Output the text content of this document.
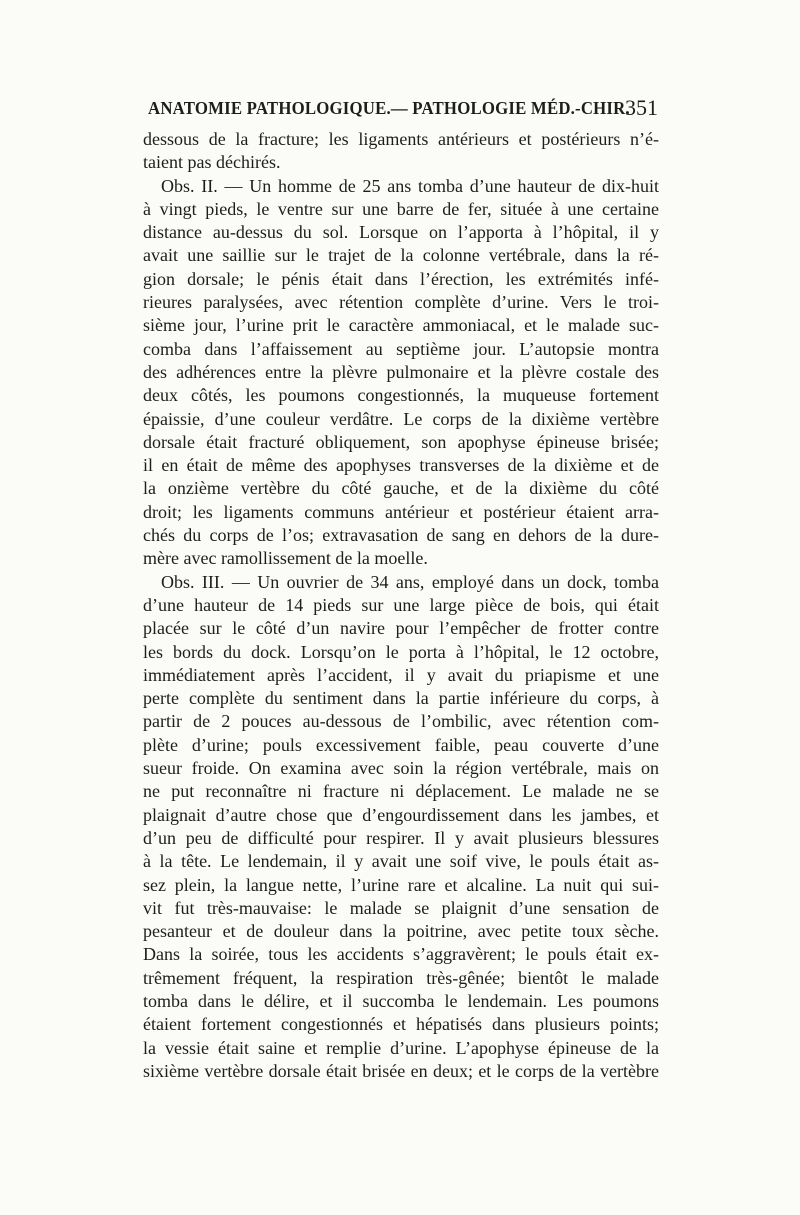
ANATOMIE PATHOLOGIQUE.— PATHOLOGIE MÉD.-CHIR.
351
dessous de la fracture; les ligaments antérieurs et postérieurs n’é-
taient pas déchirés.
Obs. II. — Un homme de 25 ans tomba d’une hauteur de dix-huit
à vingt pieds, le ventre sur une barre de fer, située à une certaine
distance au-dessus du sol. Lorsque on l’apporta à l’hôpital, il y
avait une saillie sur le trajet de la colonne vertébrale, dans la ré-
gion dorsale; le pénis était dans l’érection, les extrémités infé-
rieures paralysées, avec rétention complète d’urine. Vers le troi-
sième jour, l’urine prit le caractère ammoniacal, et le malade suc-
comba dans l’affaissement au septième jour. L’autopsie montra
des adhérences entre la plèvre pulmonaire et la plèvre costale des
deux côtés, les poumons congestionnés, la muqueuse fortement
épaissie, d’une couleur verdâtre. Le corps de la dixième vertèbre
dorsale était fracturé obliquement, son apophyse épineuse brisée;
il en était de même des apophyses transverses de la dixième et de
la onzième vertèbre du côté gauche, et de la dixième du côté
droit; les ligaments communs antérieur et postérieur étaient arra-
chés du corps de l’os; extravasation de sang en dehors de la dure-
mère avec ramollissement de la moelle.
Obs. III. — Un ouvrier de 34 ans, employé dans un dock, tomba
d’une hauteur de 14 pieds sur une large pièce de bois, qui était
placée sur le côté d’un navire pour l’empêcher de frotter contre
les bords du dock. Lorsqu’on le porta à l’hôpital, le 12 octobre,
immédiatement après l’accident, il y avait du priapisme et une
perte complète du sentiment dans la partie inférieure du corps, à
partir de 2 pouces au-dessous de l’ombilic, avec rétention com-
plète d’urine; pouls excessivement faible, peau couverte d’une
sueur froide. On examina avec soin la région vertébrale, mais on
ne put reconnaître ni fracture ni déplacement. Le malade ne se
plaignait d’autre chose que d’engourdissement dans les jambes, et
d’un peu de difficulté pour respirer. Il y avait plusieurs blessures
à la tête. Le lendemain, il y avait une soif vive, le pouls était as-
sez plein, la langue nette, l’urine rare et alcaline. La nuit qui sui-
vit fut très-mauvaise: le malade se plaignit d’une sensation de
pesanteur et de douleur dans la poitrine, avec petite toux sèche.
Dans la soirée, tous les accidents s’aggravèrent; le pouls était ex-
trêmement fréquent, la respiration très-gênée; bientôt le malade
tomba dans le délire, et il succomba le lendemain. Les poumons
étaient fortement congestionnés et hépatisés dans plusieurs points;
la vessie était saine et remplie d’urine. L’apophyse épineuse de la
sixième vertèbre dorsale était brisée en deux; et le corps de la vertèbre
